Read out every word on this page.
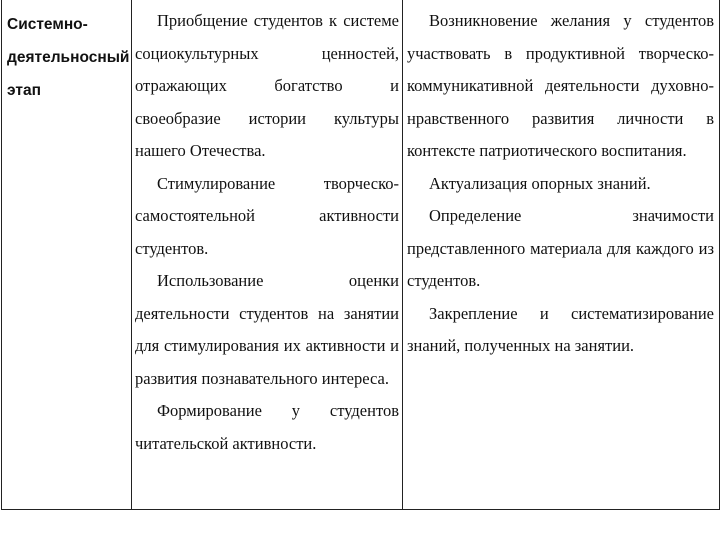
Системно-
деятельносный
этап

Приобщение студентов к системе социокультурных ценностей, отражающих богатство и своеобразие истории культуры нашего Отечества.

Стимулирование творческо-самостоятельной активности студентов.

Использование оценки деятельности студентов на занятии для стимулирования их активности и развития познавательного интереса.

Формирование у студентов читательской активности.

Возникновение желания у студентов участвовать в продуктивной творческо-коммуникативной деятельности духовно- нравственного развития личности в контексте патриотического воспитания.

Актуализация опорных знаний.

Определение значимости представленного материала для каждого из студентов.

Закрепление и систематизирование знаний, полученных на занятии.
